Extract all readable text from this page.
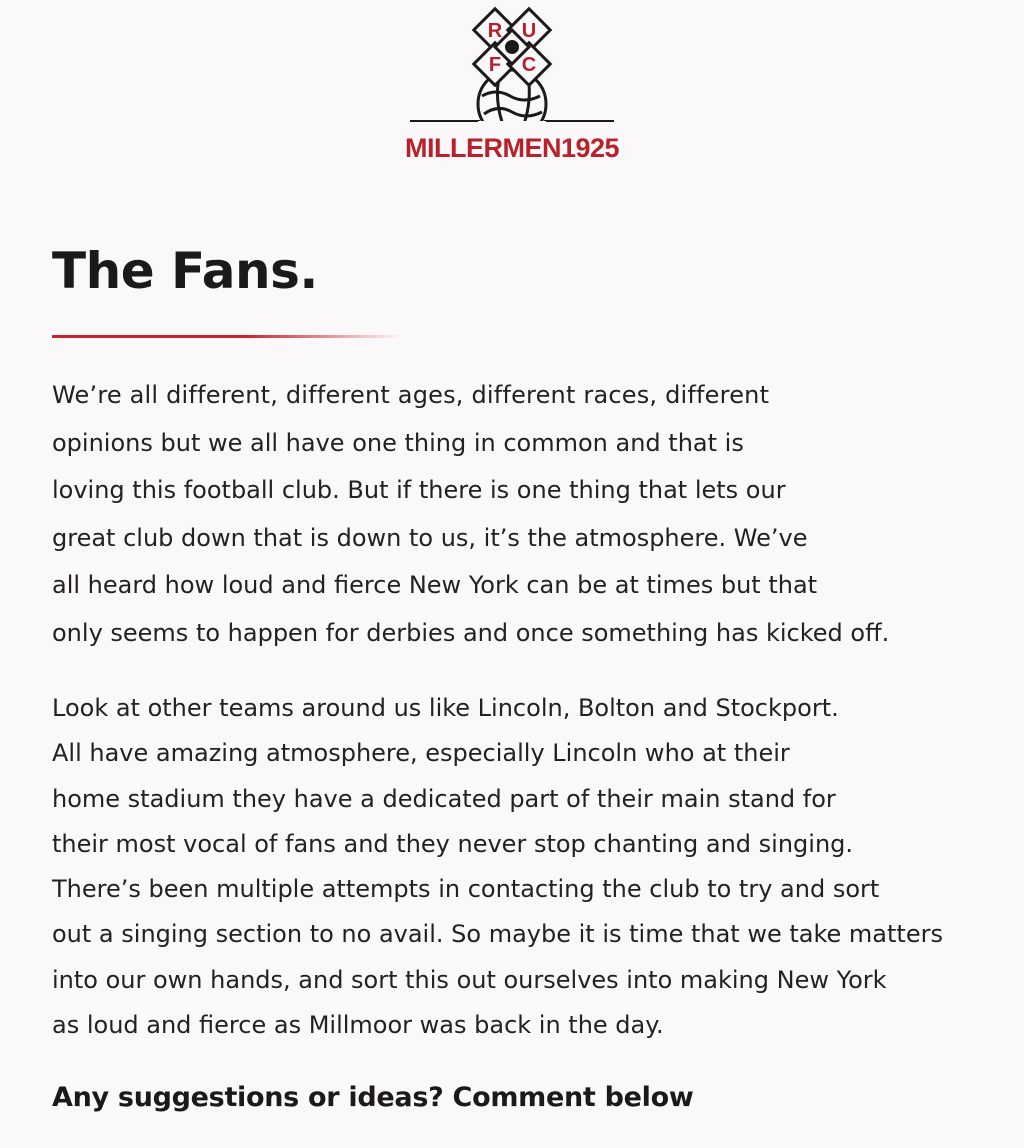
R U
F C
MILLERMEN1925
The Fans.

We’re all different, different ages, different races, different
opinions but we all have one thing in common and that is
loving this football club. But if there is one thing that lets our
great club down that is down to us, it’s the atmosphere. We’ve
all heard how loud and fierce New York can be at times but that
only seems to happen for derbies and once something has kicked off.

Look at other teams around us like Lincoln, Bolton and Stockport.
All have amazing atmosphere, especially Lincoln who at their
home stadium they have a dedicated part of their main stand for
their most vocal of fans and they never stop chanting and singing.
There’s been multiple attempts in contacting the club to try and sort
out a singing section to no avail. So maybe it is time that we take matters
into our own hands, and sort this out ourselves into making New York
as loud and fierce as Millmoor was back in the day.

Any suggestions or ideas? Comment below
